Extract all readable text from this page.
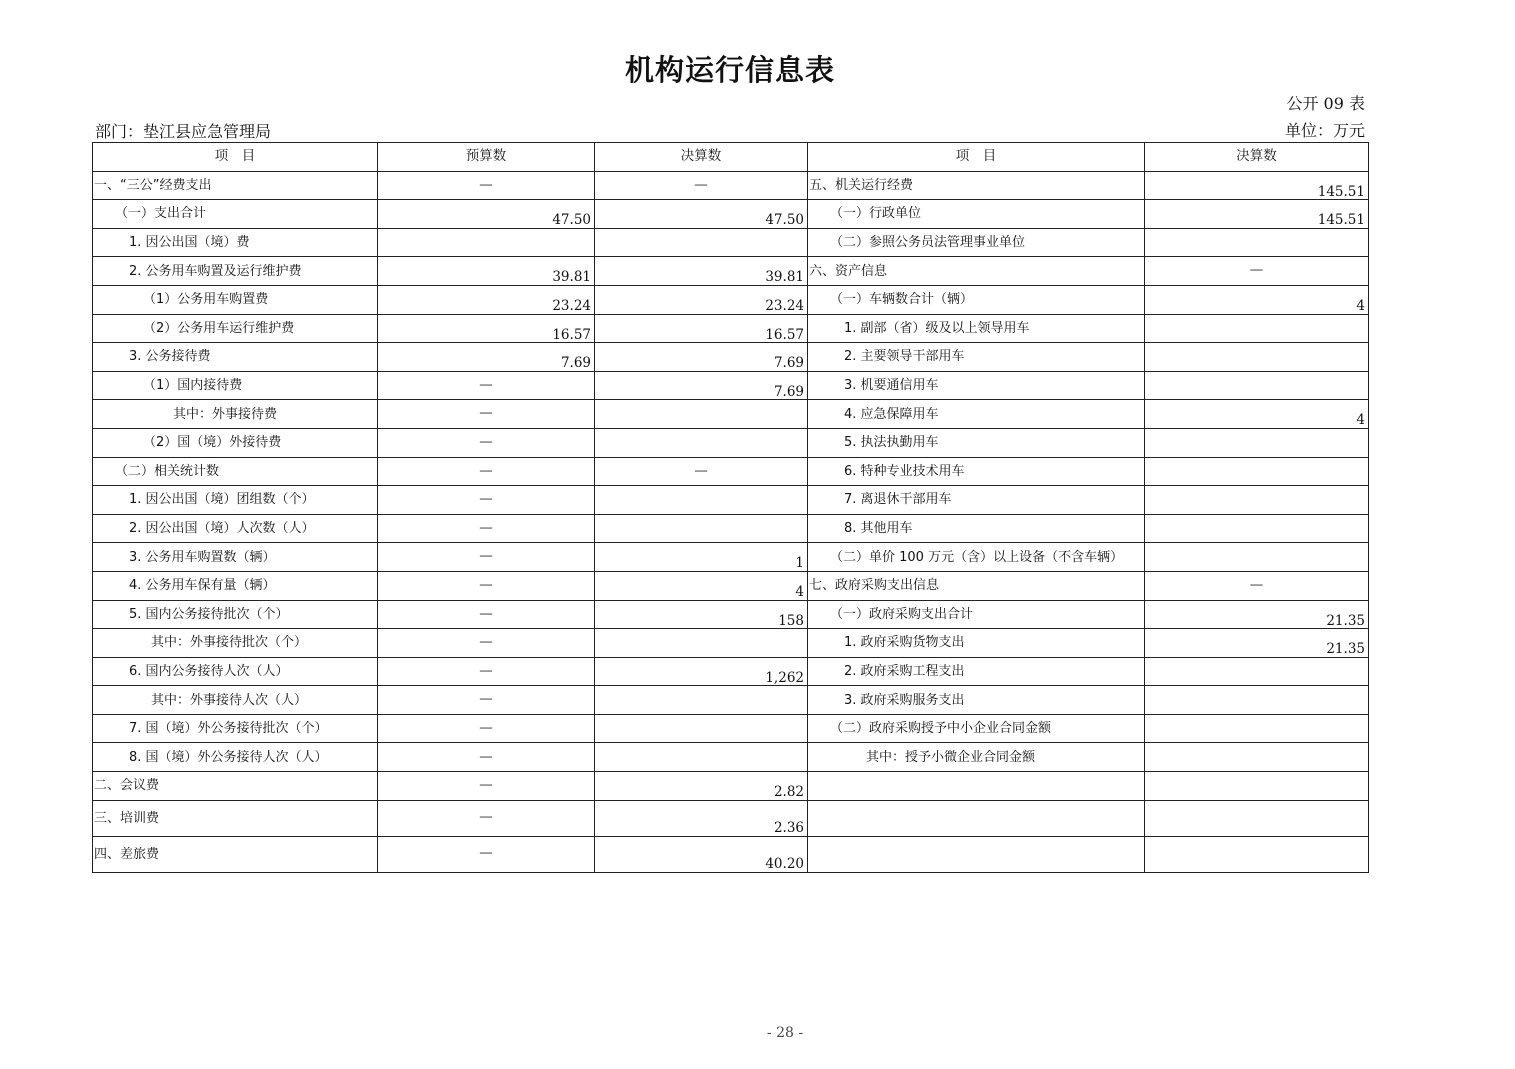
机构运行信息表
公开 09 表
部门：垫江县应急管理局	单位：万元
项　目	预算数	决算数	项　目	决算数
一、“三公”经费支出	—	—	五、机关运行经费	145.51
（一）支出合计	47.50	47.50	（一）行政单位	145.51
1. 因公出国（境）费			（二）参照公务员法管理事业单位	
2. 公务用车购置及运行维护费	39.81	39.81	六、资产信息	—
（1）公务用车购置费	23.24	23.24	（一）车辆数合计（辆）	4
（2）公务用车运行维护费	16.57	16.57	1. 副部（省）级及以上领导用车	
3. 公务接待费	7.69	7.69	2. 主要领导干部用车	
（1）国内接待费	—	7.69	3. 机要通信用车	
其中：外事接待费	—		4. 应急保障用车	4
（2）国（境）外接待费	—		5. 执法执勤用车	
（二）相关统计数	—	—	6. 特种专业技术用车	
1. 因公出国（境）团组数（个）	—		7. 离退休干部用车	
2. 因公出国（境）人次数（人）	—		8. 其他用车	
3. 公务用车购置数（辆）	—	1	（二）单价 100 万元（含）以上设备（不含车辆）	
4. 公务用车保有量（辆）	—	4	七、政府采购支出信息	—
5. 国内公务接待批次（个）	—	158	（一）政府采购支出合计	21.35
其中：外事接待批次（个）	—		1. 政府采购货物支出	21.35
6. 国内公务接待人次（人）	—	1,262	2. 政府采购工程支出	
其中：外事接待人次（人）	—		3. 政府采购服务支出	
7. 国（境）外公务接待批次（个）	—		（二）政府采购授予中小企业合同金额	
8. 国（境）外公务接待人次（人）	—		其中：授予小微企业合同金额	
二、会议费	—	2.82		
三、培训费	—	2.36		
四、差旅费	—	40.20		
- 28 -
